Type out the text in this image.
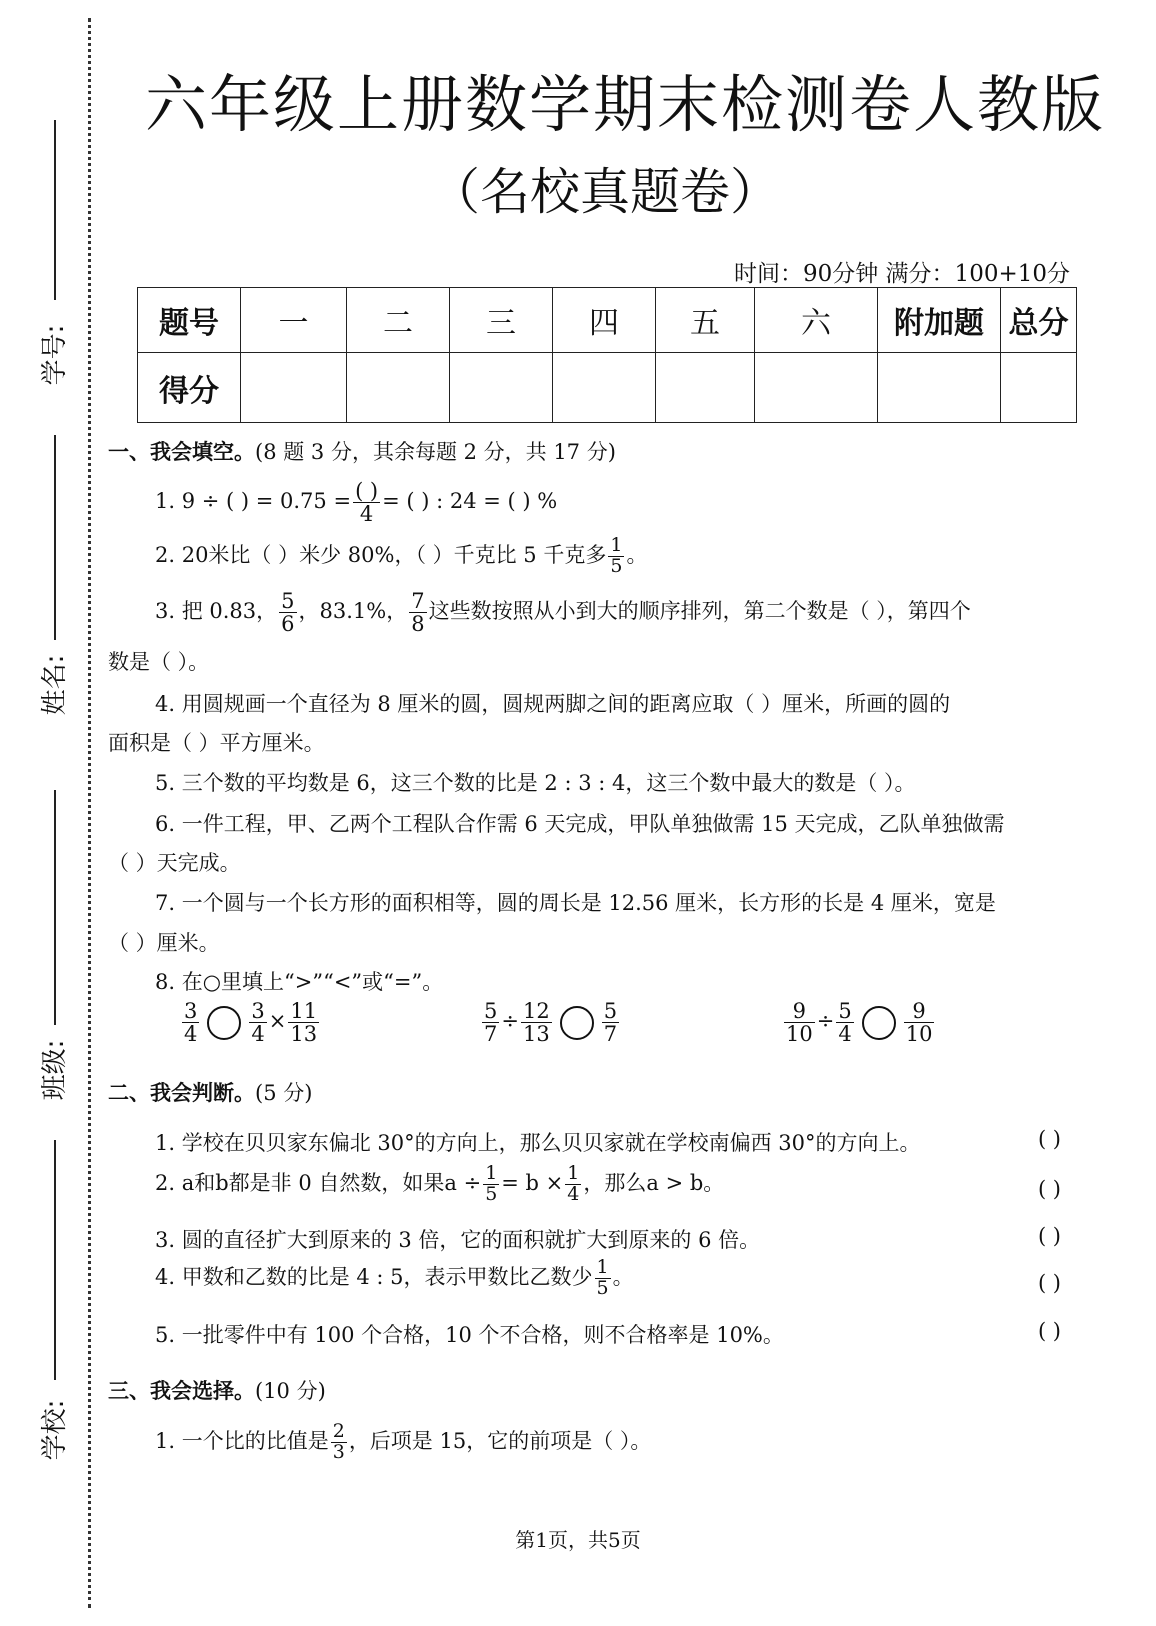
学号:
姓名:
班级:
学校:
六年级上册数学期末检测卷人教版
（名校真题卷）
时间：90分钟 满分：100+10分
题号	一	二	三	四	五	六	附加题	总分
得分								
一、我会填空。(8 题 3 分，其余每题 2 分，共 17 分)
1. 9 ÷ ( ) = $0.75 = \frac{( )}{4}$ = ( ) : 24 = ( ) %
2. 20米比（ ）米少 80%，（ ）千克比 5 千克多 $\frac{1}{5}$ 。
3. 把 0.83， $\frac{5}{6}$ ，83.1%， $\frac{7}{8}$ 这些数按照从小到大的顺序排列，第二个数是（ ），第四个
数是（ ）。
4. 用圆规画一个直径为 8 厘米的圆，圆规两脚之间的距离应取（ ）厘米，所画的圆的
面积是（ ）平方厘米。
5. 三个数的平均数是 6，这三个数的比是 2 : 3 : 4，这三个数中最大的数是（ ）。
6. 一件工程，甲、乙两个工程队合作需 6 天完成，甲队单独做需 15 天完成，乙队单独做需
（ ）天完成。
7. 一个圆与一个长方形的面积相等，圆的周长是 12.56 厘米，长方形的长是 4 厘米，宽是
（ ）厘米。
8. 在○里填上“>”“<”或“=”。
$\frac{3}{4} \frac{3}{4} \times \frac{11}{13}$	$\frac{5}{7} \div \frac{12}{13} \frac{5}{7}$	$\frac{9}{10} \div \frac{5}{4} \frac{9}{10}$
二、我会判断。(5 分)
1. 学校在贝贝家东偏北 30°的方向上，那么贝贝家就在学校南偏西 30°的方向上。	( )
2. a和b都是非 0 自然数，如果$a \div \frac{1}{5} = b \times \frac{1}{4}$ ，那么a > b。	( )
3. 圆的直径扩大到原来的 3 倍，它的面积就扩大到原来的 6 倍。	( )
4. 甲数和乙数的比是 4 : 5，表示甲数比乙数少 $\frac{1}{5}$ 。	( )
5. 一批零件中有 100 个合格，10 个不合格，则不合格率是 10%。	( )
三、我会选择。(10 分)
1. 一个比的比值是 $\frac{2}{3}$ ，后项是 15，它的前项是（ ）。
第1页，共5页
